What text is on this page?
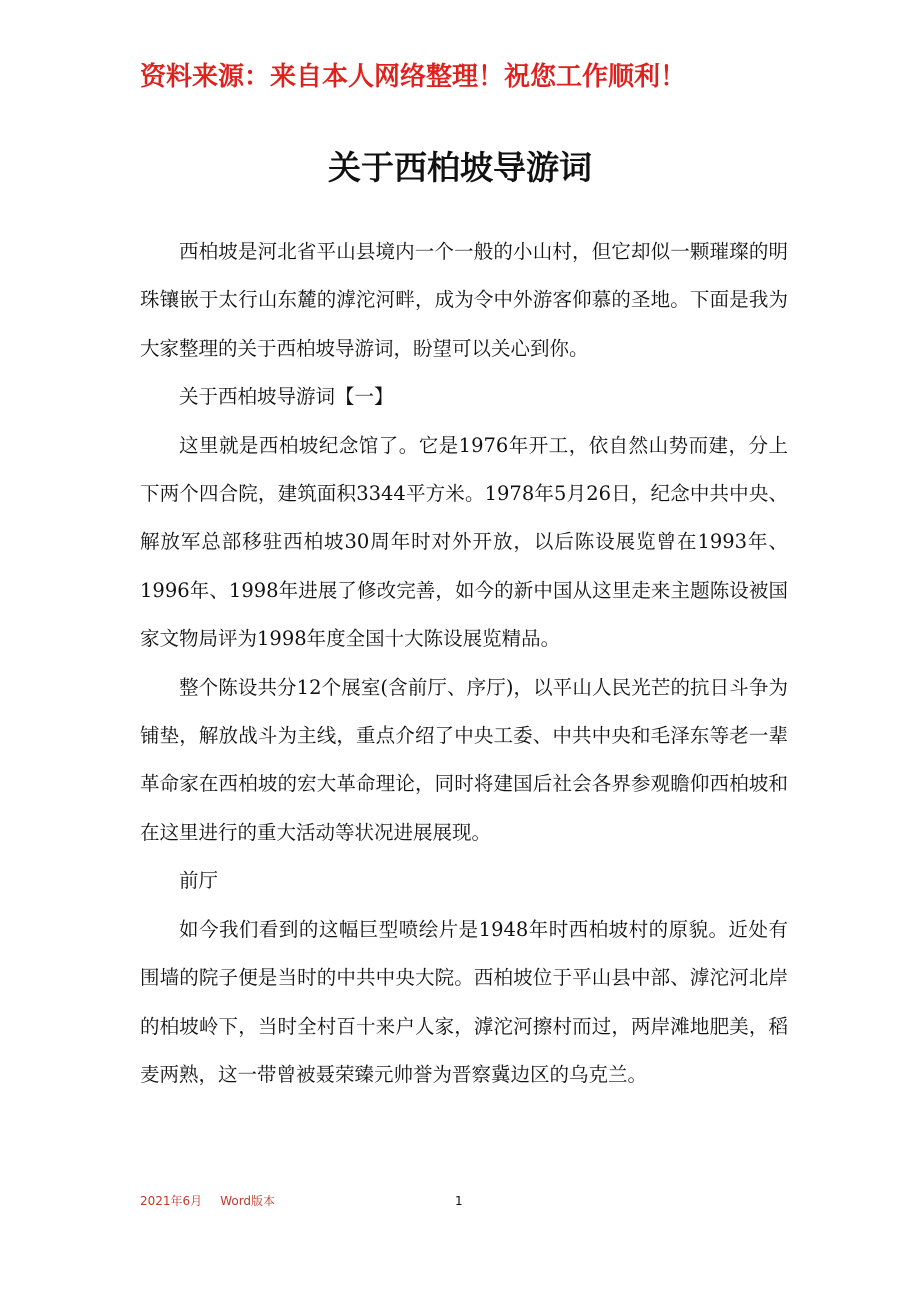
资料来源：来自本人网络整理！祝您工作顺利！
关于西柏坡导游词

西柏坡是河北省平山县境内一个一般的小山村，但它却似一颗璀璨的明珠镶嵌于太行山东麓的滹沱河畔，成为令中外游客仰慕的圣地。下面是我为大家整理的关于西柏坡导游词，盼望可以关心到你。

关于西柏坡导游词【一】

这里就是西柏坡纪念馆了。它是1976年开工，依自然山势而建，分上下两个四合院，建筑面积3344平方米。1978年5月26日，纪念中共中央、解放军总部移驻西柏坡30周年时对外开放，以后陈设展览曾在1993年、1996年、1998年进展了修改完善，如今的新中国从这里走来主题陈设被国家文物局评为1998年度全国十大陈设展览精品。

整个陈设共分12个展室(含前厅、序厅)，以平山人民光芒的抗日斗争为铺垫，解放战斗为主线，重点介绍了中央工委、中共中央和毛泽东等老一辈革命家在西柏坡的宏大革命理论，同时将建国后社会各界参观瞻仰西柏坡和在这里进行的重大活动等状况进展展现。

前厅

如今我们看到的这幅巨型喷绘片是1948年时西柏坡村的原貌。近处有围墙的院子便是当时的中共中央大院。西柏坡位于平山县中部、滹沱河北岸的柏坡岭下，当时全村百十来户人家，滹沱河擦村而过，两岸滩地肥美，稻麦两熟，这一带曾被聂荣臻元帅誉为晋察冀边区的乌克兰。

2021年6月 Word版本	1
